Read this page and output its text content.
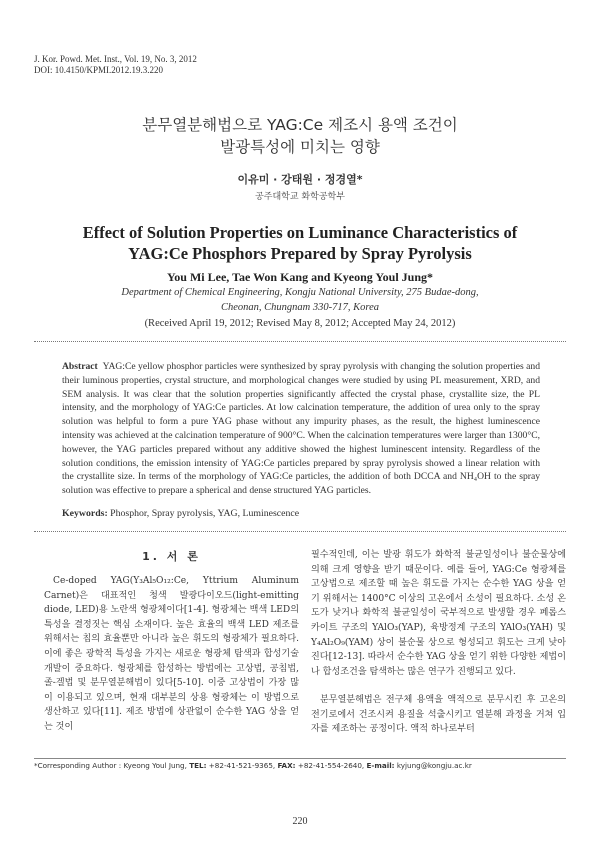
J. Kor. Powd. Met. Inst., Vol. 19, No. 3, 2012
DOI: 10.4150/KPMI.2012.19.3.220
분무열분해법으로 YAG:Ce 제조시 용액 조건이
발광특성에 미치는 영향
이유미 · 강태원 · 정경열*
공주대학교 화학공학부
Effect of Solution Properties on Luminance Characteristics of
YAG:Ce Phosphors Prepared by Spray Pyrolysis
You Mi Lee, Tae Won Kang and Kyeong Youl Jung*
Department of Chemical Engineering, Kongju National University, 275 Budae-dong,
Cheonan, Chungnam 330-717, Korea
(Received April 19, 2012; Revised May 8, 2012; Accepted May 24, 2012)
Abstract YAG:Ce yellow phosphor particles were synthesized by spray pyrolysis with changing the solution properties and their luminous properties, crystal structure, and morphological changes were studied by using PL measurement, XRD, and SEM analysis. It was clear that the solution properties significantly affected the crystal phase, crystallite size, the PL intensity, and the morphology of YAG:Ce particles. At low calcination temperature, the addition of urea only to the spray solution was helpful to form a pure YAG phase without any impurity phases, as the result, the highest luminescence intensity was achieved at the calcination temperature of 900°C. When the calcination temperatures were larger than 1300°C, however, the YAG particles prepared without any additive showed the highest luminescent intensity. Regardless of the solution conditions, the emission intensity of YAG:Ce particles prepared by spray pyrolysis showed a linear relation with the crystallite size. In terms of the morphology of YAG:Ce particles, the addition of both DCCA and NH₄OH to the spray solution was effective to prepare a spherical and dense structured YAG particles.
Keywords: Phosphor, Spray pyrolysis, YAG, Luminescence
1. 서 론
Ce-doped YAG(Y₃Al₅O₁₂:Ce, Yttrium Aluminum Carnet)은 대표적인 청색 발광다이오드(light-emitting diode, LED)용 노란색 형광체이다[1-4]. 형광체는 백색 LED의 특성을 결정짓는 핵심 소재이다. 높은 효율의 백색 LED 제조를 위해서는 칩의 효율뿐만 아니라 높은 휘도의 형광체가 필요하다. 이에 좋은 광학적 특성을 가지는 새로운 형광체 탐색과 합성기술 개발이 중요하다. 형광체를 합성하는 방법에는 고상법, 공침법, 졸-겔법 및 분무열분해법이 있다[5-10]. 이중 고상법이 가장 많이 이용되고 있으며, 현재 대부분의 상용 형광체는 이 방법으로 생산하고 있다[11]. 제조 방법에 상관없이 순수한 YAG 상을 얻는 것이
필수적인데, 이는 발광 휘도가 화학적 불균일성이나 불순물상에 의해 크게 영향을 받기 때문이다. 예를 들어, YAG:Ce 형광체를 고상법으로 제조할 때 높은 휘도를 가지는 순수한 YAG 상을 얻기 위해서는 1400°C 이상의 고온에서 소성이 필요하다. 소성 온도가 낮거나 화학적 불균일성이 국부적으로 발생할 경우 페롭스카이트 구조의 YAlO₃(YAP), 육방정계 구조의 YAlO₃(YAH) 및 Y₄Al₂O₉(YAM) 상이 불순물 상으로 형성되고 휘도는 크게 낮아진다[12-13]. 따라서 순수한 YAG 상을 얻기 위한 다양한 제법이나 합성조건을 탐색하는 많은 연구가 진행되고 있다.
분무열분해법은 전구체 용액을 액적으로 분무시킨 후 고온의 전기로에서 건조시켜 용질을 석출시키고 열분해 과정을 거쳐 입자를 제조하는 공정이다. 액적 하나로부터
*Corresponding Author : Kyeong Youl Jung, TEL: +82-41-521-9365, FAX: +82-41-554-2640, E-mail: kyjung@kongju.ac.kr
220
